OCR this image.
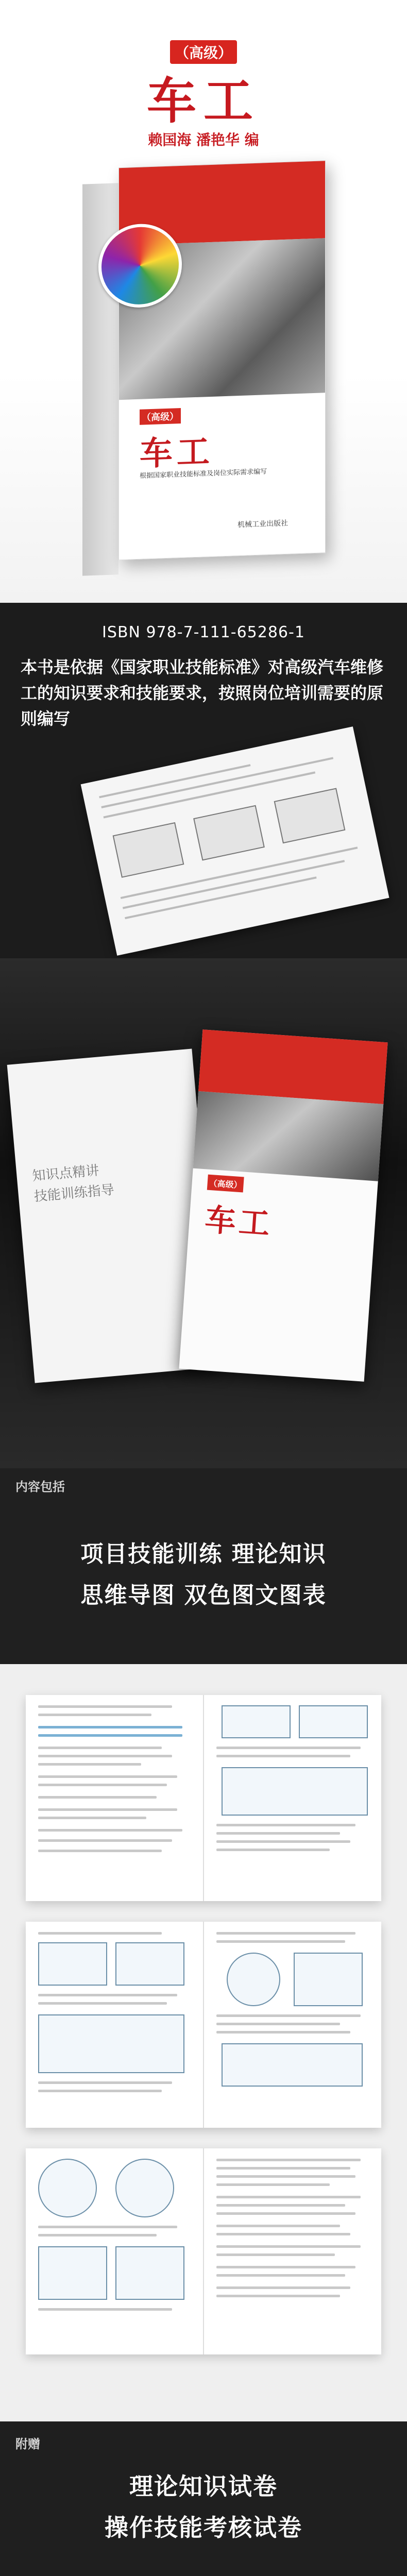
（高级）
车工
赖国海 潘艳华 编
（高级）
车工
根据国家职业技能标准及岗位实际需求编写
机械工业出版社
ISBN 978-7-111-65286-1
本书是依据《国家职业技能标准》对高级汽车维修工的知识要求和技能要求，按照岗位培训需要的原则编写
知识点精讲
技能训练指导	（高级）
车工
内容包括
项目技能训练 理论知识
思维导图 双色图文图表
附赠
理论知识试卷
操作技能考核试卷
